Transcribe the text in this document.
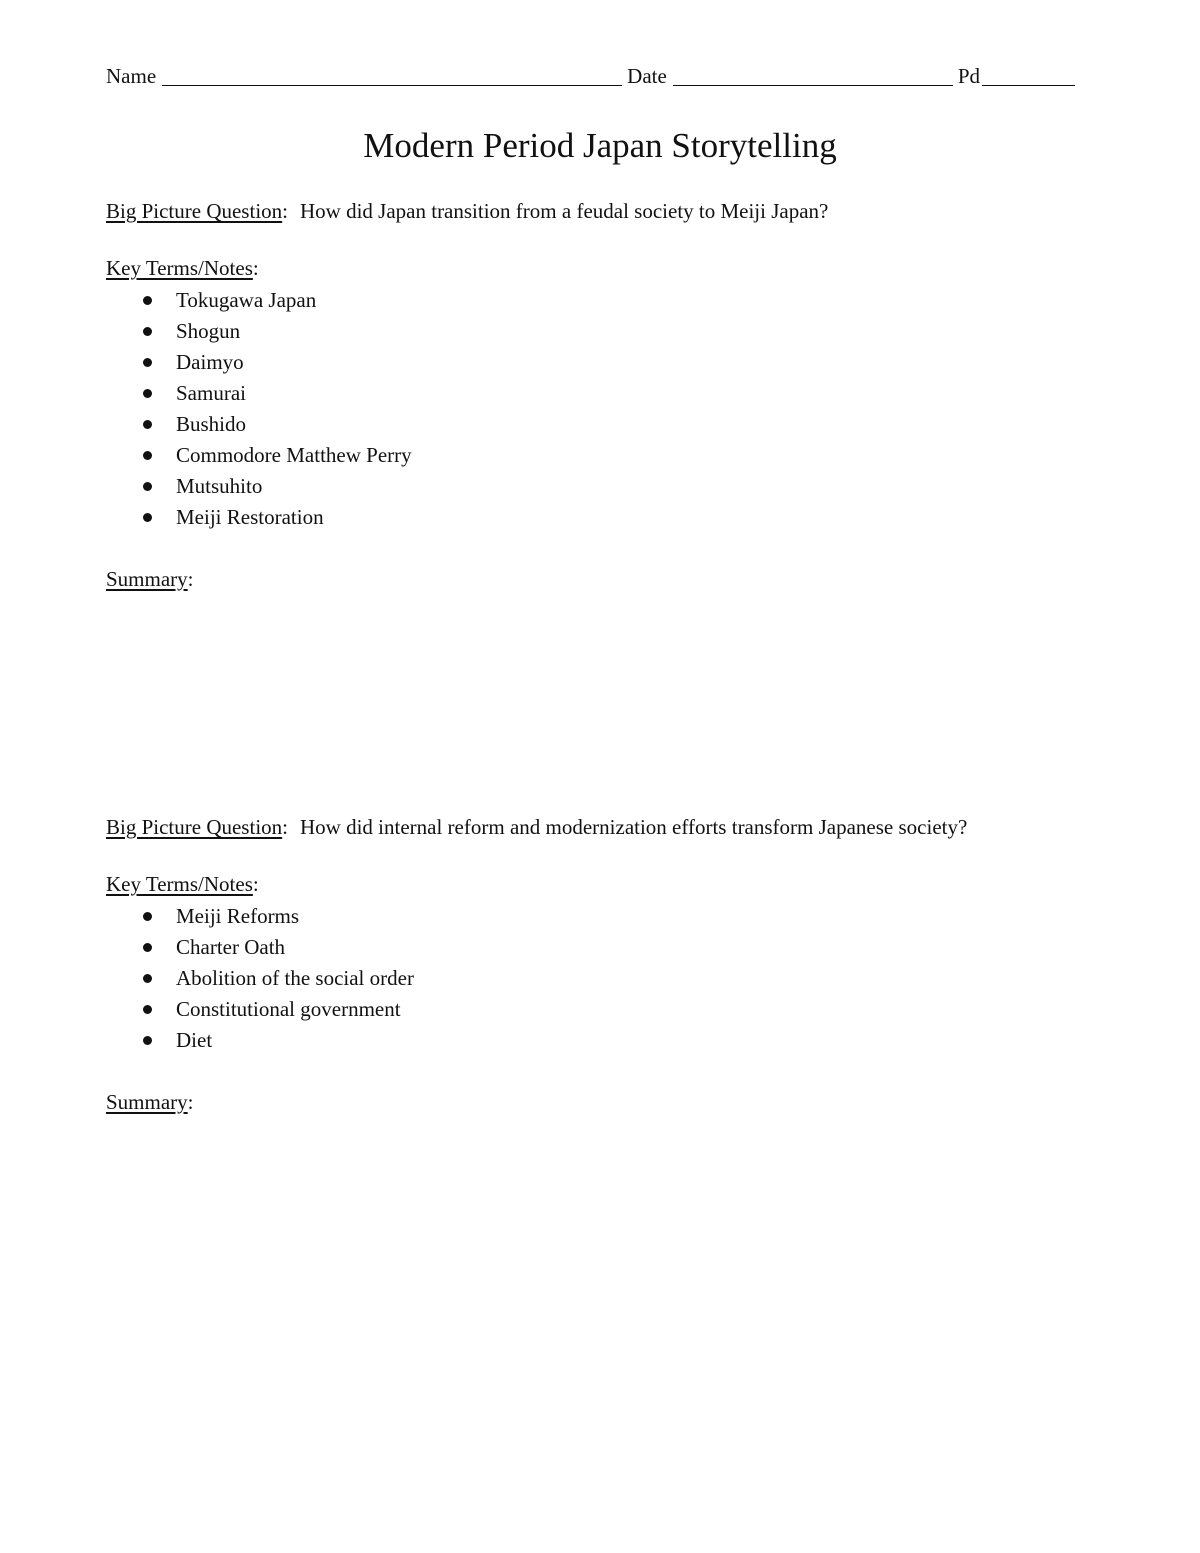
Name	Date	Pd
Modern Period Japan Storytelling
Big Picture Question: How did Japan transition from a feudal society to Meiji Japan?
Key Terms/Notes:
Tokugawa Japan
Shogun
Daimyo
Samurai
Bushido
Commodore Matthew Perry
Mutsuhito
Meiji Restoration
Summary:
Big Picture Question: How did internal reform and modernization efforts transform Japanese society?
Key Terms/Notes:
Meiji Reforms
Charter Oath
Abolition of the social order
Constitutional government
Diet
Summary:
